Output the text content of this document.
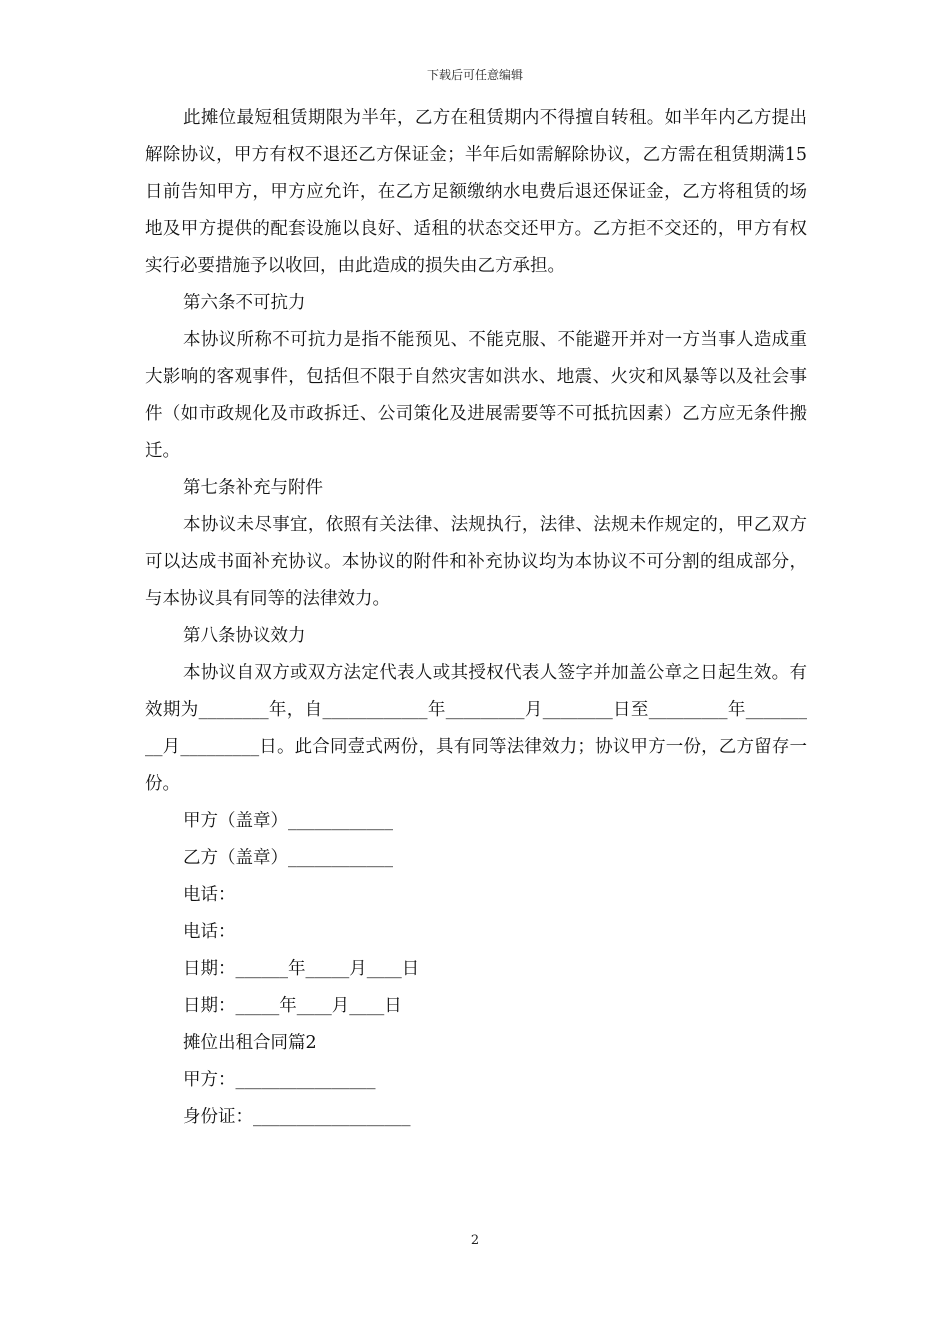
下载后可任意编辑

此摊位最短租赁期限为半年，乙方在租赁期内不得擅自转租。如半年内乙方提出解除协议，甲方有权不退还乙方保证金；半年后如需解除协议，乙方需在租赁期满15日前告知甲方，甲方应允许，在乙方足额缴纳水电费后退还保证金，乙方将租赁的场地及甲方提供的配套设施以良好、适租的状态交还甲方。乙方拒不交还的，甲方有权实行必要措施予以收回，由此造成的损失由乙方承担。

第六条不可抗力

本协议所称不可抗力是指不能预见、不能克服、不能避开并对一方当事人造成重大影响的客观事件，包括但不限于自然灾害如洪水、地震、火灾和风暴等以及社会事件（如市政规化及市政拆迁、公司策化及进展需要等不可抵抗因素）乙方应无条件搬迁。

第七条补充与附件

本协议未尽事宜，依照有关法律、法规执行，法律、法规未作规定的，甲乙双方可以达成书面补充协议。本协议的附件和补充协议均为本协议不可分割的组成部分，与本协议具有同等的法律效力。

第八条协议效力

本协议自双方或双方法定代表人或其授权代表人签字并加盖公章之日起生效。有效期为________年，自____________年_________月________日至_________年_________月_________日。此合同壹式两份，具有同等法律效力；协议甲方一份，乙方留存一份。

甲方（盖章）____________

乙方（盖章）____________

电话：

电话：

日期：______年_____月____日

日期：_____年____月____日

摊位出租合同篇2

甲方：________________

身份证：__________________

2
